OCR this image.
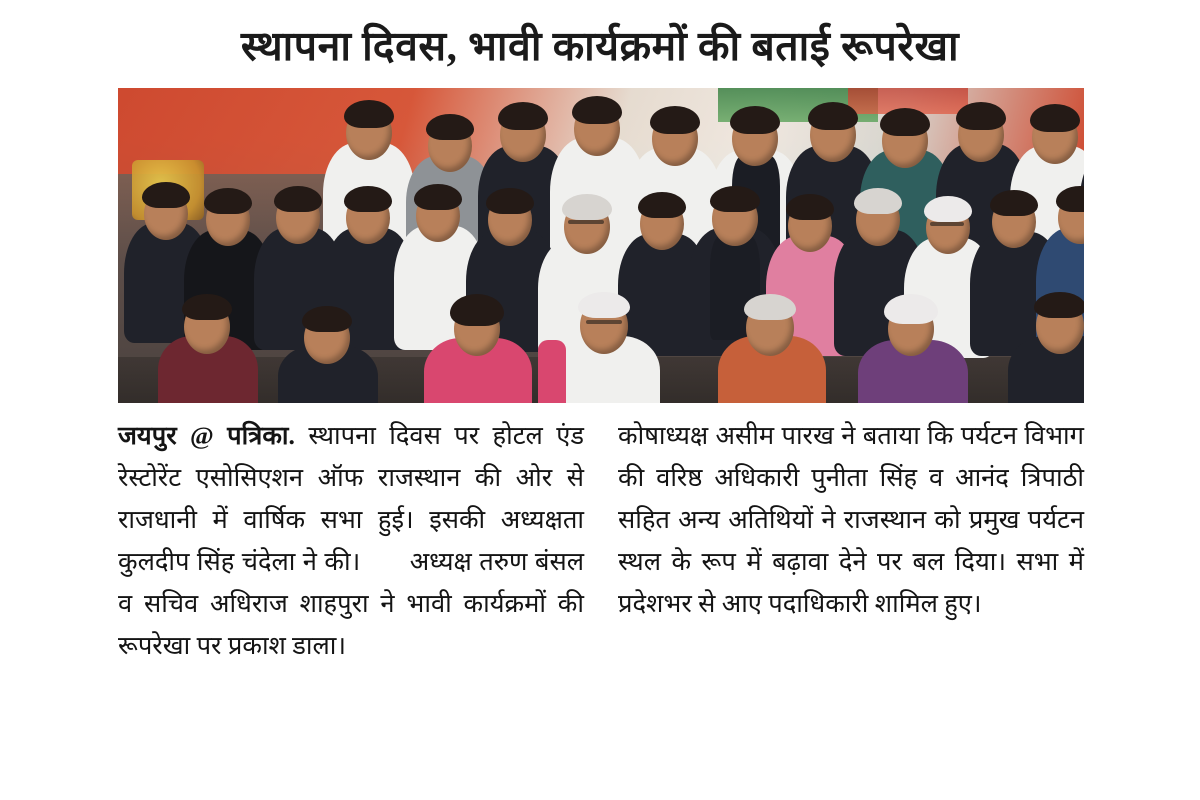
स्थापना दिवस, भावी कार्यक्रमों की बताई रूपरेखा
जयपुर @ पत्रिका. स्थापना दिवस पर होटल एंड रेस्टोरेंट एसोसिएशन ऑफ राजस्थान की ओर से राजधानी में वार्षिक सभा हुई। इसकी अध्यक्षता कुलदीप सिंह चंदेला ने की। अध्यक्ष तरुण बंसल व सचिव अधिराज शाहपुरा ने भावी कार्यक्रमों की रूपरेखा पर प्रकाश डाला।
कोषाध्यक्ष असीम पारख ने बताया कि पर्यटन विभाग की वरिष्ठ अधिकारी पुनीता सिंह व आनंद त्रिपाठी सहित अन्य अतिथियों ने राजस्थान को प्रमुख पर्यटन स्थल के रूप में बढ़ावा देने पर बल दिया। सभा में प्रदेशभर से आए पदाधिकारी शामिल हुए।
